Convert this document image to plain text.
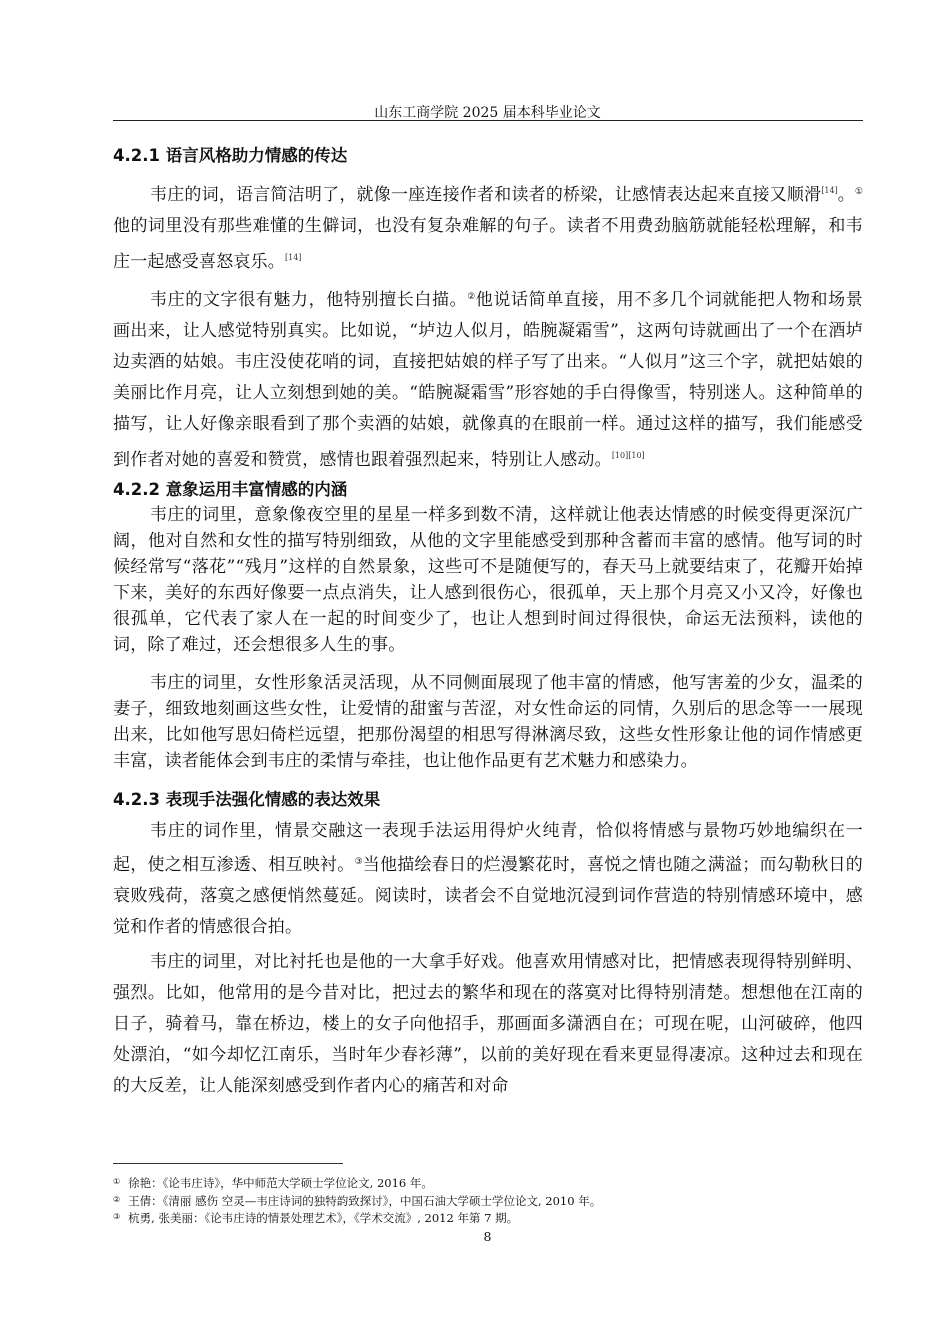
山东工商学院 2025 届本科毕业论文
4.2.1 语言风格助力情感的传达

韦庄的词，语言简洁明了，就像一座连接作者和读者的桥梁，让感情表达起来直接又顺滑[14]。①他的词里没有那些难懂的生僻词，也没有复杂难解的句子。读者不用费劲脑筋就能轻松理解，和韦庄一起感受喜怒哀乐。[14]

韦庄的文字很有魅力，他特别擅长白描。②他说话简单直接，用不多几个词就能把人物和场景画出来，让人感觉特别真实。比如说，“垆边人似月，皓腕凝霜雪”，这两句诗就画出了一个在酒垆边卖酒的姑娘。韦庄没使花哨的词，直接把姑娘的样子写了出来。“人似月”这三个字，就把姑娘的美丽比作月亮，让人立刻想到她的美。“皓腕凝霜雪”形容她的手白得像雪，特别迷人。这种简单的描写，让人好像亲眼看到了那个卖酒的姑娘，就像真的在眼前一样。通过这样的描写，我们能感受到作者对她的喜爱和赞赏，感情也跟着强烈起来，特别让人感动。[10][10]

4.2.2 意象运用丰富情感的内涵

韦庄的词里，意象像夜空里的星星一样多到数不清，这样就让他表达情感的时候变得更深沉广阔，他对自然和女性的描写特别细致，从他的文字里能感受到那种含蓄而丰富的感情。他写词的时候经常写“落花”“残月”这样的自然景象，这些可不是随便写的，春天马上就要结束了，花瓣开始掉下来，美好的东西好像要一点点消失，让人感到很伤心，很孤单，天上那个月亮又小又冷，好像也很孤单，它代表了家人在一起的时间变少了，也让人想到时间过得很快，命运无法预料，读他的词，除了难过，还会想很多人生的事。

韦庄的词里，女性形象活灵活现，从不同侧面展现了他丰富的情感，他写害羞的少女，温柔的妻子，细致地刻画这些女性，让爱情的甜蜜与苦涩，对女性命运的同情，久别后的思念等一一展现出来，比如他写思妇倚栏远望，把那份渴望的相思写得淋漓尽致，这些女性形象让他的词作情感更丰富，读者能体会到韦庄的柔情与牵挂，也让他作品更有艺术魅力和感染力。

4.2.3 表现手法强化情感的表达效果

韦庄的词作里，情景交融这一表现手法运用得炉火纯青，恰似将情感与景物巧妙地编织在一起，使之相互渗透、相互映衬。③当他描绘春日的烂漫繁花时，喜悦之情也随之满溢；而勾勒秋日的衰败残荷，落寞之感便悄然蔓延。阅读时，读者会不自觉地沉浸到词作营造的特别情感环境中，感觉和作者的情感很合拍。

韦庄的词里，对比衬托也是他的一大拿手好戏。他喜欢用情感对比，把情感表现得特别鲜明、强烈。比如，他常用的是今昔对比，把过去的繁华和现在的落寞对比得特别清楚。想想他在江南的日子，骑着马，靠在桥边，楼上的女子向他招手，那画面多潇洒自在；可现在呢，山河破碎，他四处漂泊，“如今却忆江南乐，当时年少春衫薄”，以前的美好现在看来更显得凄凉。这种过去和现在的大反差，让人能深刻感受到作者内心的痛苦和对命

① 徐艳：《论韦庄诗》，华中师范大学硕士学位论文, 2016 年。
② 王倩：《清丽 感伤 空灵—韦庄诗词的独特韵致探讨》，中国石油大学硕士学位论文, 2010 年。
③ 杭勇, 张美丽：《论韦庄诗的情景处理艺术》，《学术交流》, 2012 年第 7 期。
8
